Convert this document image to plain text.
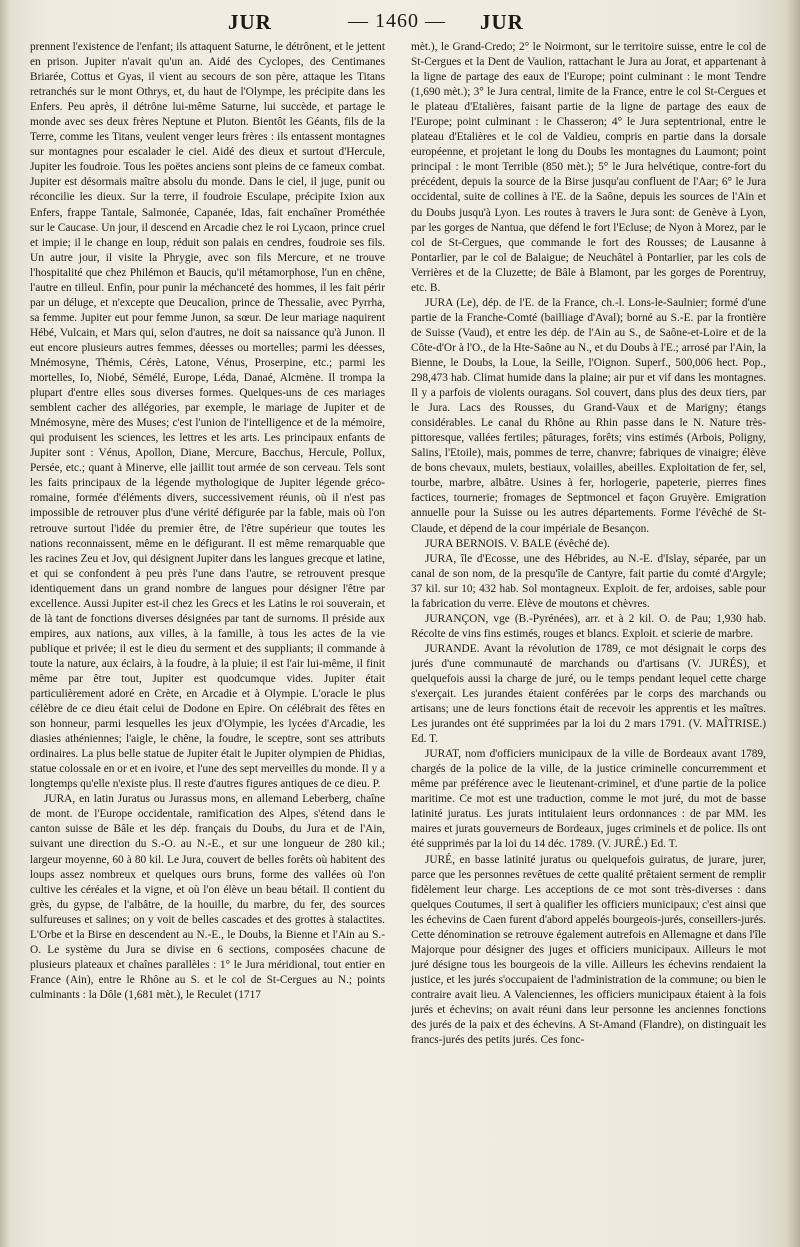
JUR	— 1460 — JUR

prennent l'existence de l'enfant; ils attaquent Saturne, le détrônent, et le jettent en prison. Jupiter n'avait qu'un an. Aidé des Cyclopes, des Centimanes Briarée, Cottus et Gyas, il vient au secours de son père, attaque les Titans retranchés sur le mont Othrys, et, du haut de l'Olympe, les précipite dans les Enfers. Peu après, il détrône lui-même Saturne, lui succède, et partage le monde avec ses deux frères Neptune et Pluton. Bientôt les Géants, fils de la Terre, comme les Titans, veulent venger leurs frères : ils entassent montagnes sur montagnes pour escalader le ciel. Aidé des dieux et surtout d'Hercule, Jupiter les foudroie. Tous les poëtes anciens sont pleins de ce fameux combat. Jupiter est désormais maître absolu du monde. Dans le ciel, il juge, punit ou réconcilie les dieux. Sur la terre, il foudroie Esculape, précipite Ixion aux Enfers, frappe Tantale, Salmonée, Capanée, Idas, fait enchaîner Prométhée sur le Caucase. Un jour, il descend en Arcadie chez le roi Lycaon, prince cruel et impie; il le change en loup, réduit son palais en cendres, foudroie ses fils. Un autre jour, il visite la Phrygie, avec son fils Mercure, et ne trouve l'hospitalité que chez Philémon et Baucis, qu'il métamorphose, l'un en chêne, l'autre en tilleul. Enfin, pour punir la méchanceté des hommes, il les fait périr par un déluge, et n'excepte que Deucalion, prince de Thessalie, avec Pyrrha, sa femme. Jupiter eut pour femme Junon, sa sœur. De leur mariage naquirent Hébé, Vulcain, et Mars qui, selon d'autres, ne doit sa naissance qu'à Junon. Il eut encore plusieurs autres femmes, déesses ou mortelles; parmi les déesses, Mnémosyne, Thémis, Cérès, Latone, Vénus, Proserpine, etc.; parmi les mortelles, Io, Niobé, Sémélé, Europe, Léda, Danaé, Alcmène. Il trompa la plupart d'entre elles sous diverses formes. Quelques-uns de ces mariages semblent cacher des allégories, par exemple, le mariage de Jupiter et de Mnémosyne, mère des Muses; c'est l'union de l'intelligence et de la mémoire, qui produisent les sciences, les lettres et les arts. Les principaux enfants de Jupiter sont : Vénus, Apollon, Diane, Mercure, Bacchus, Hercule, Pollux, Persée, etc.; quant à Minerve, elle jaillit tout armée de son cerveau. Tels sont les faits principaux de la légende mythologique de Jupiter légende gréco-romaine, formée d'éléments divers, successivement réunis, où il n'est pas impossible de retrouver plus d'une vérité défigurée par la fable, mais où l'on retrouve surtout l'idée du premier être, de l'être supérieur que toutes les nations reconnaissent, même en le défigurant. Il est même remarquable que les racines Zeu et Jov, qui désignent Jupiter dans les langues grecque et latine, et qui se confondent à peu près l'une dans l'autre, se retrouvent presque identiquement dans un grand nombre de langues pour désigner l'être par excellence. Aussi Jupiter est-il chez les Grecs et les Latins le roi souverain, et de là tant de fonctions diverses désignées par tant de surnoms. Il préside aux empires, aux nations, aux villes, à la famille, à tous les actes de la vie publique et privée; il est le dieu du serment et des suppliants; il commande à toute la nature, aux éclairs, à la foudre, à la pluie; il est l'air lui-même, il finit même par être tout, Jupiter est quodcumque vides. Jupiter était particulièrement adoré en Crète, en Arcadie et à Olympie. L'oracle le plus célèbre de ce dieu était celui de Dodone en Epire. On célébrait des fêtes en son honneur, parmi lesquelles les jeux d'Olympie, les lycées d'Arcadie, les diasies athéniennes; l'aigle, le chêne, la foudre, le sceptre, sont ses attributs ordinaires. La plus belle statue de Jupiter était le Jupiter olympien de Phidias, statue colossale en or et en ivoire, et l'une des sept merveilles du monde. Il y a longtemps qu'elle n'existe plus. Il reste d'autres figures antiques de ce dieu. P.

JURA, en latin Juratus ou Jurassus mons, en allemand Leberberg, chaîne de mont. de l'Europe occidentale, ramification des Alpes, s'étend dans le canton suisse de Bâle et les dép. français du Doubs, du Jura et de l'Ain, suivant une direction du S.-O. au N.-E., et sur une longueur de 280 kil.; largeur moyenne, 60 à 80 kil. Le Jura, couvert de belles forêts où habitent des loups assez nombreux et quelques ours bruns, forme des vallées où l'on cultive les céréales et la vigne, et où l'on élève un beau bétail. Il contient du grès, du gypse, de l'albâtre, de la houille, du marbre, du fer, des sources sulfureuses et salines; on y voit de belles cascades et des grottes à stalactites. L'Orbe et la Birse en descendent au N.-E., le Doubs, la Bienne et l'Ain au S.-O. Le système du Jura se divise en 6 sections, composées chacune de plusieurs plateaux et chaînes parallèles : 1° le Jura méridional, tout entier en France (Ain), entre le Rhône au S. et le col de St-Cergues au N.; points culminants : la Dôle (1,681 mèt.), le Reculet (1717

mèt.), le Grand-Credo; 2° le Noirmont, sur le territoire suisse, entre le col de St-Cergues et la Dent de Vaulion, rattachant le Jura au Jorat, et appartenant à la ligne de partage des eaux de l'Europe; point culminant : le mont Tendre (1,690 mèt.); 3° le Jura central, limite de la France, entre le col St-Cergues et le plateau d'Etalières, faisant partie de la ligne de partage des eaux de l'Europe; point culminant : le Chasseron; 4° le Jura septentrional, entre le plateau d'Etalières et le col de Valdieu, compris en partie dans la dorsale européenne, et projetant le long du Doubs les montagnes du Laumont; point principal : le mont Terrible (850 mèt.); 5° le Jura helvétique, contre-fort du précédent, depuis la source de la Birse jusqu'au confluent de l'Aar; 6° le Jura occidental, suite de collines à l'E. de la Saône, depuis les sources de l'Ain et du Doubs jusqu'à Lyon. Les routes à travers le Jura sont: de Genève à Lyon, par les gorges de Nantua, que défend le fort l'Ecluse; de Nyon à Morez, par le col de St-Cergues, que commande le fort des Rousses; de Lausanne à Pontarlier, par le col de Balaigue; de Neuchâtel à Pontarlier, par les cols de Verrières et de la Cluzette; de Bâle à Blamont, par les gorges de Porentruy, etc. B.

JURA (Le), dép. de l'E. de la France, ch.-l. Lons-le-Saulnier; formé d'une partie de la Franche-Comté (bailliage d'Aval); borné au S.-E. par la frontière de Suisse (Vaud), et entre les dép. de l'Ain au S., de Saône-et-Loire et de la Côte-d'Or à l'O., de la Hte-Saône au N., et du Doubs à l'E.; arrosé par l'Ain, la Bienne, le Doubs, la Loue, la Seille, l'Oignon. Superf., 500,006 hect. Pop., 298,473 hab. Climat humide dans la plaine; air pur et vif dans les montagnes. Il y a parfois de violents ouragans. Sol couvert, dans plus des deux tiers, par le Jura. Lacs des Rousses, du Grand-Vaux et de Marigny; étangs considérables. Le canal du Rhône au Rhin passe dans le N. Nature très-pittoresque, vallées fertiles; pâturages, forêts; vins estimés (Arbois, Poligny, Salins, l'Etoile), mais, pommes de terre, chanvre; fabriques de vinaigre; élève de bons chevaux, mulets, bestiaux, volailles, abeilles. Exploitation de fer, sel, tourbe, marbre, albâtre. Usines à fer, horlogerie, papeterie, pierres fines factices, tournerie; fromages de Septmoncel et façon Gruyère. Emigration annuelle pour la Suisse ou les autres départements. Forme l'évêché de St-Claude, et dépend de la cour impériale de Besançon.

JURA BERNOIS. V. BALE (évêché de).

JURA, île d'Ecosse, une des Hébrides, au N.-E. d'Islay, séparée, par un canal de son nom, de la presqu'île de Cantyre, fait partie du comté d'Argyle; 37 kil. sur 10; 432 hab. Sol montagneux. Exploit. de fer, ardoises, sable pour la fabrication du verre. Elève de moutons et chèvres.

JURANÇON, vge (B.-Pyrénées), arr. et à 2 kil. O. de Pau; 1,930 hab. Récolte de vins fins estimés, rouges et blancs. Exploit. et scierie de marbre.

JURANDE. Avant la révolution de 1789, ce mot désignait le corps des jurés d'une communauté de marchands ou d'artisans (V. JURÉS), et quelquefois aussi la charge de juré, ou le temps pendant lequel cette charge s'exerçait. Les jurandes étaient conférées par le corps des marchands ou artisans; une de leurs fonctions était de recevoir les apprentis et les maîtres. Les jurandes ont été supprimées par la loi du 2 mars 1791. (V. MAÎTRISE.) Ed. T.

JURAT, nom d'officiers municipaux de la ville de Bordeaux avant 1789, chargés de la police de la ville, de la justice criminelle concurremment et même par préférence avec le lieutenant-criminel, et d'une partie de la police maritime. Ce mot est une traduction, comme le mot juré, du mot de basse latinité juratus. Les jurats intitulaient leurs ordonnances : de par MM. les maires et jurats gouverneurs de Bordeaux, juges criminels et de police. Ils ont été supprimés par la loi du 14 déc. 1789. (V. JURÉ.) Ed. T.

JURÉ, en basse latinité juratus ou quelquefois guiratus, de jurare, jurer, parce que les personnes revêtues de cette qualité prêtaient serment de remplir fidèlement leur charge. Les acceptions de ce mot sont très-diverses : dans quelques Coutumes, il sert à qualifier les officiers municipaux; c'est ainsi que les échevins de Caen furent d'abord appelés bourgeois-jurés, conseillers-jurés. Cette dénomination se retrouve également autrefois en Allemagne et dans l'île Majorque pour désigner des juges et officiers municipaux. Ailleurs le mot juré désigne tous les bourgeois de la ville. Ailleurs les échevins rendaient la justice, et les jurés s'occupaient de l'administration de la commune; ou bien le contraire avait lieu. A Valenciennes, les officiers municipaux étaient à la fois jurés et échevins; on avait réuni dans leur personne les anciennes fonctions des jurés de la paix et des échevins. A St-Amand (Flandre), on distinguait les francs-jurés des petits jurés. Ces fonc-
